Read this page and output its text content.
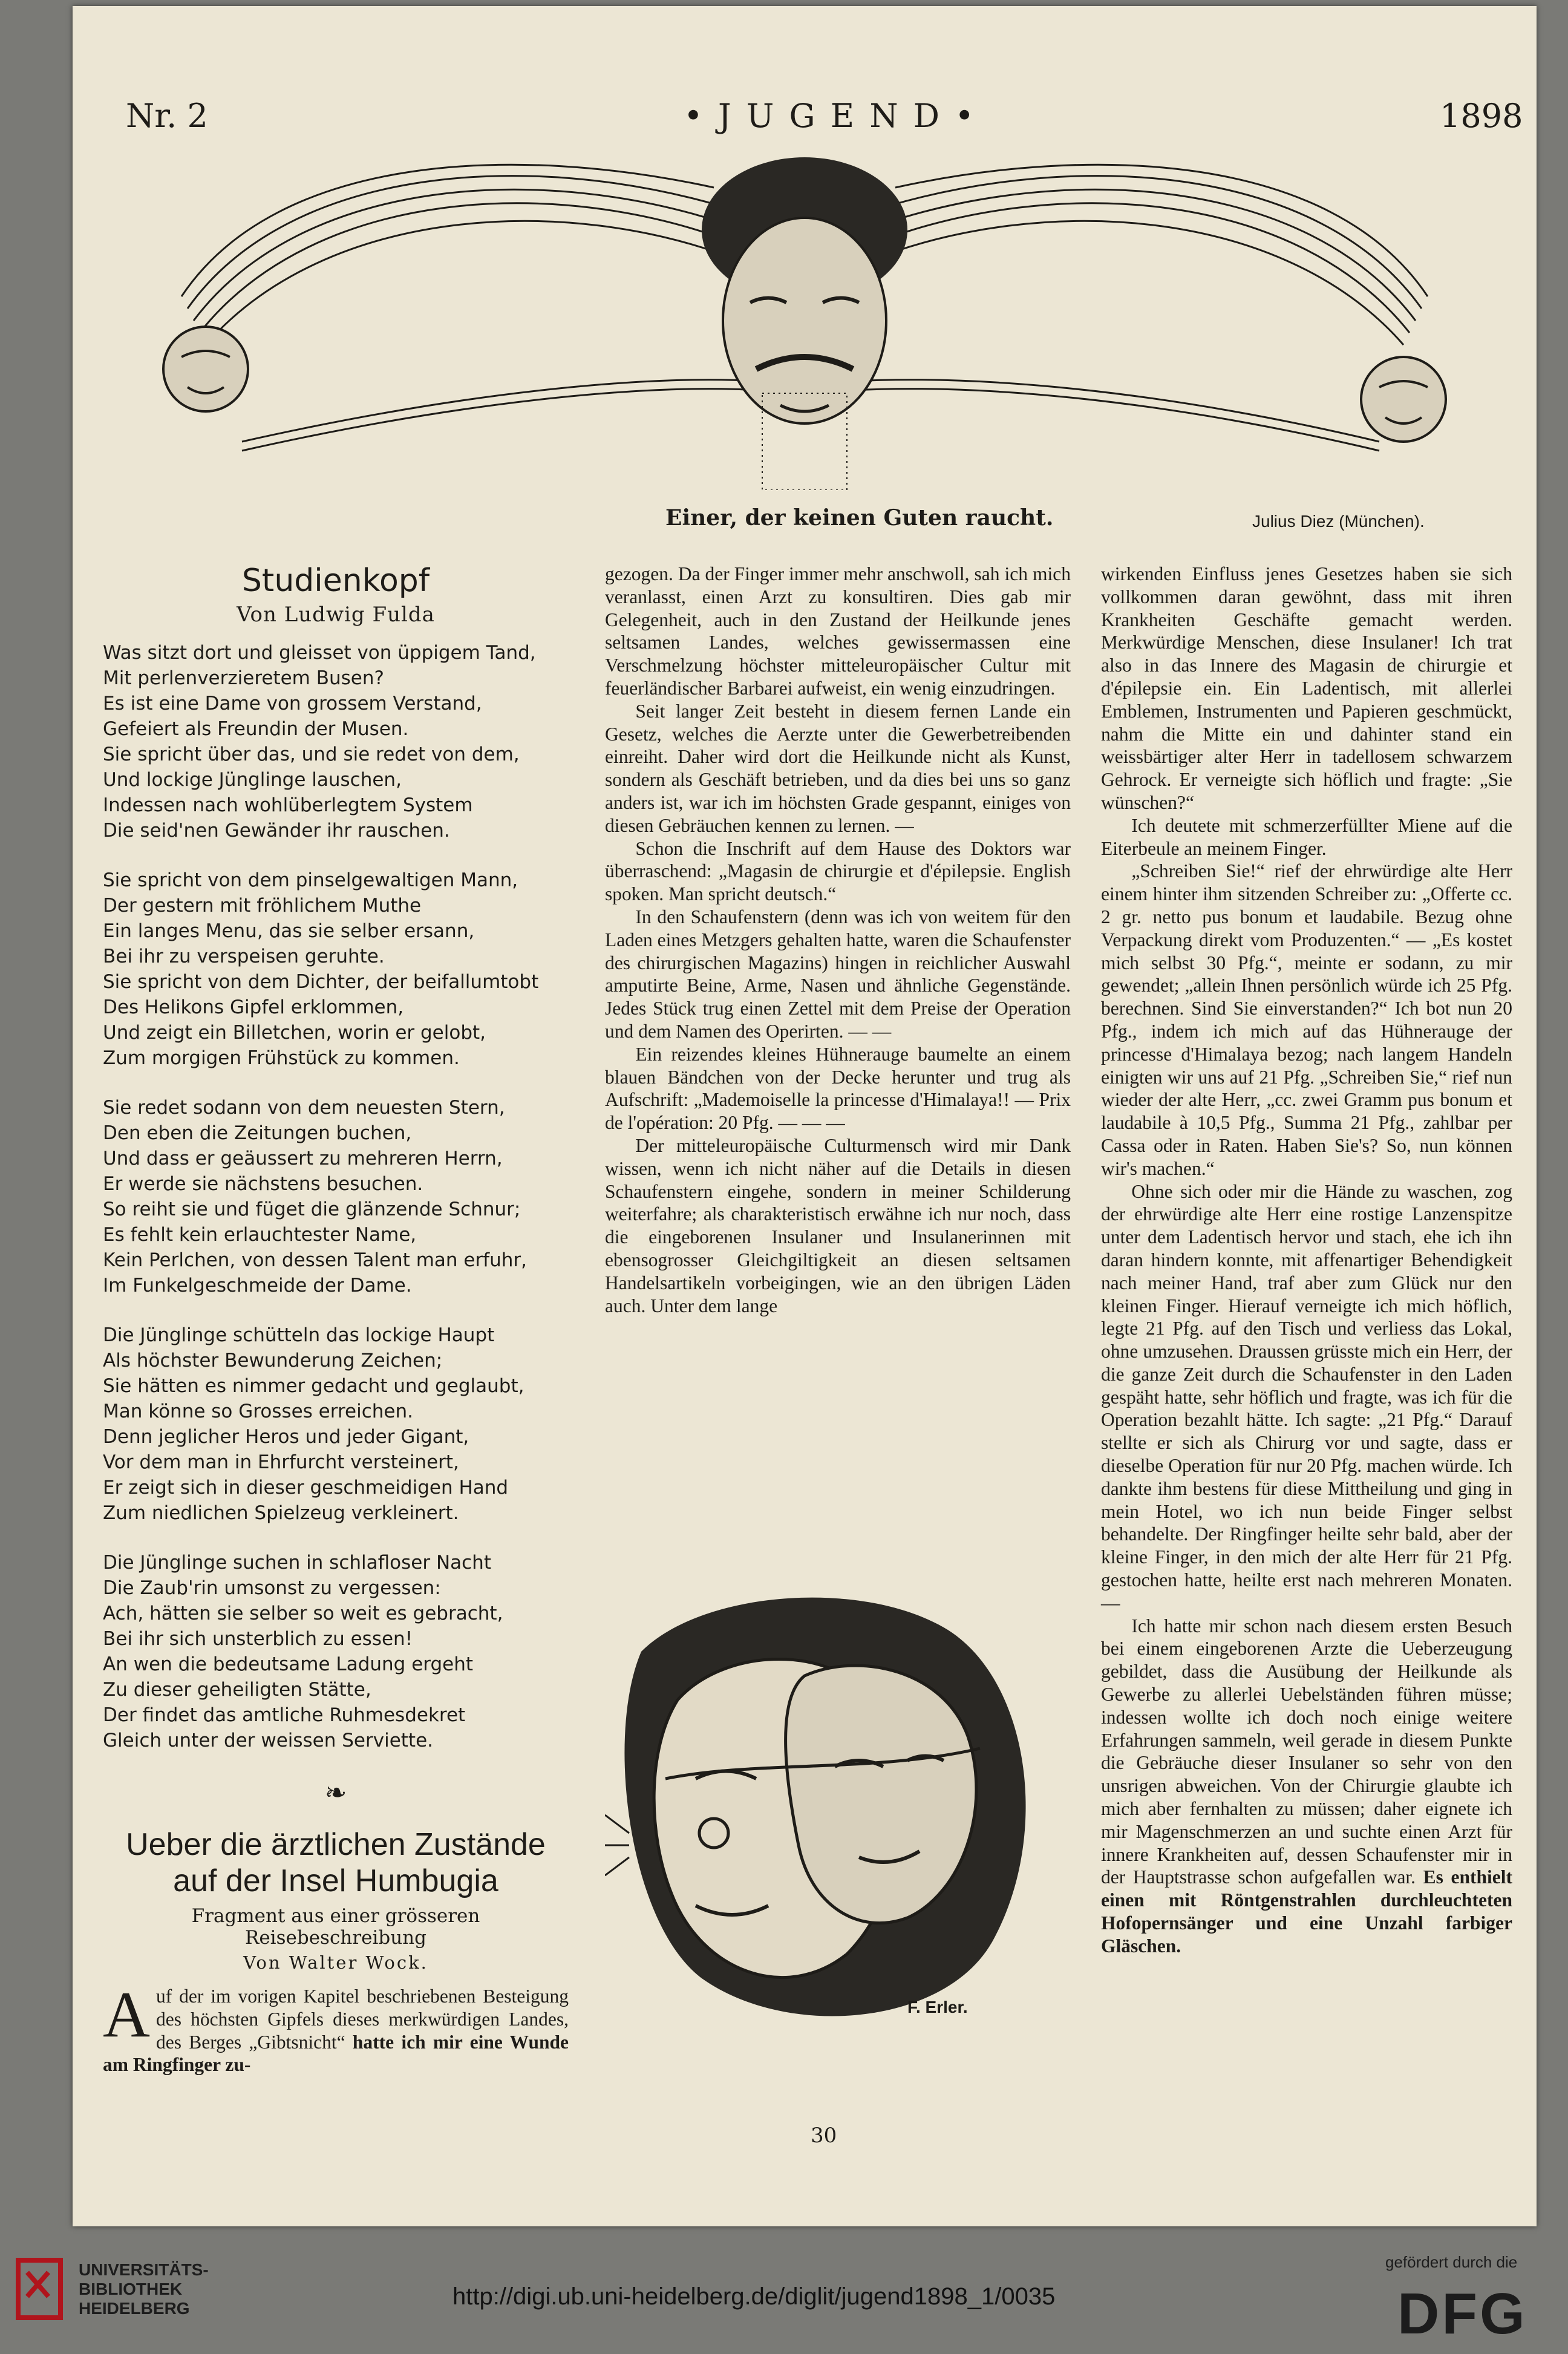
Nr. 2	• J U G E N D •	1898
Einer, der keinen Guten raucht.	Julius Diez (München).
Studienkopf
Von Ludwig Fulda

Was sitzt dort und gleisset von üppigem Tand,

Mit perlenverzieretem Busen?

Es ist eine Dame von grossem Verstand,

Gefeiert als Freundin der Musen.

Sie spricht über das, und sie redet von dem,

Und lockige Jünglinge lauschen,

Indessen nach wohlüberlegtem System

Die seid'nen Gewänder ihr rauschen.

Sie spricht von dem pinselgewaltigen Mann,

Der gestern mit fröhlichem Muthe

Ein langes Menu, das sie selber ersann,

Bei ihr zu verspeisen geruhte.

Sie spricht von dem Dichter, der beifallumtobt

Des Helikons Gipfel erklommen,

Und zeigt ein Billetchen, worin er gelobt,

Zum morgigen Frühstück zu kommen.

Sie redet sodann von dem neuesten Stern,

Den eben die Zeitungen buchen,

Und dass er geäussert zu mehreren Herrn,

Er werde sie nächstens besuchen.

So reiht sie und füget die glänzende Schnur;

Es fehlt kein erlauchtester Name,

Kein Perlchen, von dessen Talent man erfuhr,

Im Funkelgeschmeide der Dame.

Die Jünglinge schütteln das lockige Haupt

Als höchster Bewunderung Zeichen;

Sie hätten es nimmer gedacht und geglaubt,

Man könne so Grosses erreichen.

Denn jeglicher Heros und jeder Gigant,

Vor dem man in Ehrfurcht versteinert,

Er zeigt sich in dieser geschmeidigen Hand

Zum niedlichen Spielzeug verkleinert.

Die Jünglinge suchen in schlafloser Nacht

Die Zaub'rin umsonst zu vergessen:

Ach, hätten sie selber so weit es gebracht,

Bei ihr sich unsterblich zu essen!

An wen die bedeutsame Ladung ergeht

Zu dieser geheiligten Stätte,

Der findet das amtliche Ruhmesdekret

Gleich unter der weissen Serviette.

❧
Ueber die ärztlichen Zustände
auf der Insel Humbugia
Fragment aus einer grösseren Reisebeschreibung
Von Walter Wock.

Auf der im vorigen Kapitel beschriebenen Besteigung des höchsten Gipfels dieses merkwürdigen Landes, des Berges „Gibtsnicht“ hatte ich mir eine Wunde am Ringfinger zu-

gezogen. Da der Finger immer mehr anschwoll, sah ich mich veranlasst, einen Arzt zu konsultiren. Dies gab mir Gelegenheit, auch in den Zustand der Heilkunde jenes seltsamen Landes, welches gewissermassen eine Verschmelzung höchster mitteleuropäischer Cultur mit feuerländischer Barbarei aufweist, ein wenig einzudringen.

Seit langer Zeit besteht in diesem fernen Lande ein Gesetz, welches die Aerzte unter die Gewerbetreibenden einreiht. Daher wird dort die Heilkunde nicht als Kunst, sondern als Geschäft betrieben, und da dies bei uns so ganz anders ist, war ich im höchsten Grade gespannt, einiges von diesen Gebräuchen kennen zu lernen. —

Schon die Inschrift auf dem Hause des Doktors war überraschend: „Magasin de chirurgie et d'épilepsie. English spoken. Man spricht deutsch.“

In den Schaufenstern (denn was ich von weitem für den Laden eines Metzgers gehalten hatte, waren die Schaufenster des chirurgischen Magazins) hingen in reichlicher Auswahl amputirte Beine, Arme, Nasen und ähnliche Gegenstände. Jedes Stück trug einen Zettel mit dem Preise der Operation und dem Namen des Operirten. — —

Ein reizendes kleines Hühnerauge baumelte an einem blauen Bändchen von der Decke herunter und trug als Aufschrift: „Mademoiselle la princesse d'Himalaya!! — Prix de l'opération: 20 Pfg. — — —

Der mitteleuropäische Culturmensch wird mir Dank wissen, wenn ich nicht näher auf die Details in diesen Schaufenstern eingehe, sondern in meiner Schilderung weiterfahre; als charakteristisch erwähne ich nur noch, dass die eingeborenen Insulaner und Insulanerinnen mit ebensogrosser Gleichgiltigkeit an diesen seltsamen Handelsartikeln vorbeigingen, wie an den übrigen Läden auch. Unter dem lange

F. Erler.

wirkenden Einfluss jenes Gesetzes haben sie sich vollkommen daran gewöhnt, dass mit ihren Krankheiten Geschäfte gemacht werden. Merkwürdige Menschen, diese Insulaner! Ich trat also in das Innere des Magasin de chirurgie et d'épilepsie ein. Ein Ladentisch, mit allerlei Emblemen, Instrumenten und Papieren geschmückt, nahm die Mitte ein und dahinter stand ein weissbärtiger alter Herr in tadellosem schwarzem Gehrock. Er verneigte sich höflich und fragte: „Sie wünschen?“

Ich deutete mit schmerzerfüllter Miene auf die Eiterbeule an meinem Finger.

„Schreiben Sie!“ rief der ehrwürdige alte Herr einem hinter ihm sitzenden Schreiber zu: „Offerte cc. 2 gr. netto pus bonum et laudabile. Bezug ohne Verpackung direkt vom Produzenten.“ — „Es kostet mich selbst 30 Pfg.“, meinte er sodann, zu mir gewendet; „allein Ihnen persönlich würde ich 25 Pfg. berechnen. Sind Sie einverstanden?“ Ich bot nun 20 Pfg., indem ich mich auf das Hühnerauge der princesse d'Himalaya bezog; nach langem Handeln einigten wir uns auf 21 Pfg. „Schreiben Sie,“ rief nun wieder der alte Herr, „cc. zwei Gramm pus bonum et laudabile à 10,5 Pfg., Summa 21 Pfg., zahlbar per Cassa oder in Raten. Haben Sie's? So, nun können wir's machen.“

Ohne sich oder mir die Hände zu waschen, zog der ehrwürdige alte Herr eine rostige Lanzenspitze unter dem Ladentisch hervor und stach, ehe ich ihn daran hindern konnte, mit affenartiger Behendigkeit nach meiner Hand, traf aber zum Glück nur den kleinen Finger. Hierauf verneigte ich mich höflich, legte 21 Pfg. auf den Tisch und verliess das Lokal, ohne umzusehen. Draussen grüsste mich ein Herr, der die ganze Zeit durch die Schaufenster in den Laden gespäht hatte, sehr höflich und fragte, was ich für die Operation bezahlt hätte. Ich sagte: „21 Pfg.“ Darauf stellte er sich als Chirurg vor und sagte, dass er dieselbe Operation für nur 20 Pfg. machen würde. Ich dankte ihm bestens für diese Mittheilung und ging in mein Hotel, wo ich nun beide Finger selbst behandelte. Der Ringfinger heilte sehr bald, aber der kleine Finger, in den mich der alte Herr für 21 Pfg. gestochen hatte, heilte erst nach mehreren Monaten. —

Ich hatte mir schon nach diesem ersten Besuch bei einem eingeborenen Arzte die Ueberzeugung gebildet, dass die Ausübung der Heilkunde als Gewerbe zu allerlei Uebelständen führen müsse; indessen wollte ich doch noch einige weitere Erfahrungen sammeln, weil gerade in diesem Punkte die Gebräuche dieser Insulaner so sehr von den unsrigen abweichen. Von der Chirurgie glaubte ich mich aber fernhalten zu müssen; daher eignete ich mir Magenschmerzen an und suchte einen Arzt für innere Krankheiten auf, dessen Schaufenster mir in der Hauptstrasse schon aufgefallen war. Es enthielt einen mit Röntgenstrahlen durchleuchteten Hofopernsänger und eine Unzahl farbiger Gläschen.

30
UNIVERSITÄTS-
BIBLIOTHEK
HEIDELBERG	http://digi.ub.uni-heidelberg.de/diglit/jugend1898_1/0035
gefördert durch die
DFG
